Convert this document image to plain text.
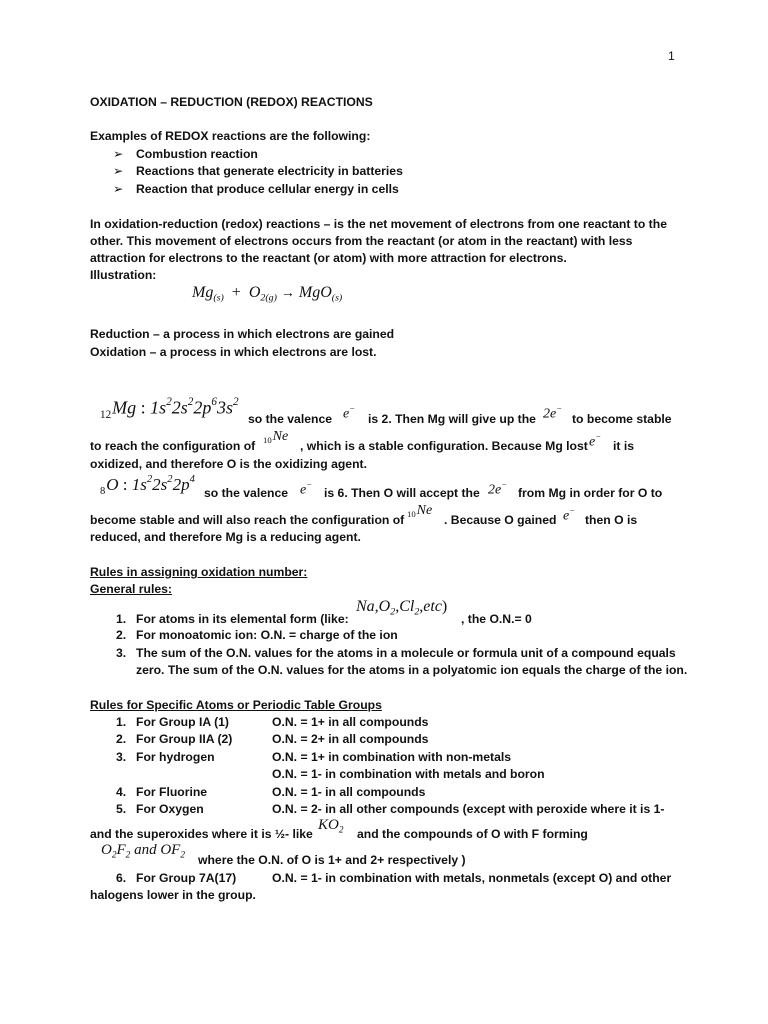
1
OXIDATION – REDUCTION (REDOX) REACTIONS
Examples of REDOX reactions are the following:
➢ Combustion reaction
➢ Reactions that generate electricity in batteries
➢ Reaction that produce cellular energy in cells
In oxidation-reduction (redox) reactions – is the net movement of electrons from one reactant to the
other. This movement of electrons occurs from the reactant (or atom in the reactant) with less
attraction for electrons to the reactant (or atom) with more attraction for electrons.
Illustration:
$Mg_{(s)} + O_{2(g)} \to MgO_{(s)}$
Reduction – a process in which electrons are gained
Oxidation – a process in which electrons are lost.
$_{12}$Mg : $1s^22s^22p^63s^2$
so the valence e−
is 2. Then Mg will give up the 2e−
to become stable
to reach the configuration of $_{10}$Ne
, which is a stable configuration. Because Mg lost e−
it is
oxidized, and therefore O is the oxidizing agent.
$_8$O : $1s^22s^22p^4$
so the valence e−
is 6. Then O will accept the 2e−
from Mg in order for O to
become stable and will also reach the configuration of $_{10}$Ne
. Because O gained e−
then O is
reduced, and therefore Mg is a reducing agent.
Rules in assigning oxidation number:
General rules:
1. For atoms in its elemental form (like:
$Na,O_2,Cl_2,etc$)
, the O.N.= 0
2. For monoatomic ion: O.N. = charge of the ion
3. The sum of the O.N. values for the atoms in a molecule or formula unit of a compound equals
zero. The sum of the O.N. values for the atoms in a polyatomic ion equals the charge of the ion.
Rules for Specific Atoms or Periodic Table Groups
1. For Group IA (1)	O.N. = 1+ in all compounds
2. For Group IIA (2)	O.N. = 2+ in all compounds
3. For hydrogen	O.N. = 1+ in combination with non-metals
O.N. = 1- in combination with metals and boron
4. For Fluorine	O.N. = 1- in all compounds
5. For Oxygen	O.N. = 2- in all other compounds (except with peroxide where it is 1-
and the superoxides where it is ½- like
$KO_2$ and the compounds of O with F forming
$O_2F_2$ and $OF_2$ where the O.N. of O is 1+ and 2+ respectively )
6. For Group 7A(17)	O.N. = 1- in combination with metals, nonmetals (except O) and other
halogens lower in the group.
